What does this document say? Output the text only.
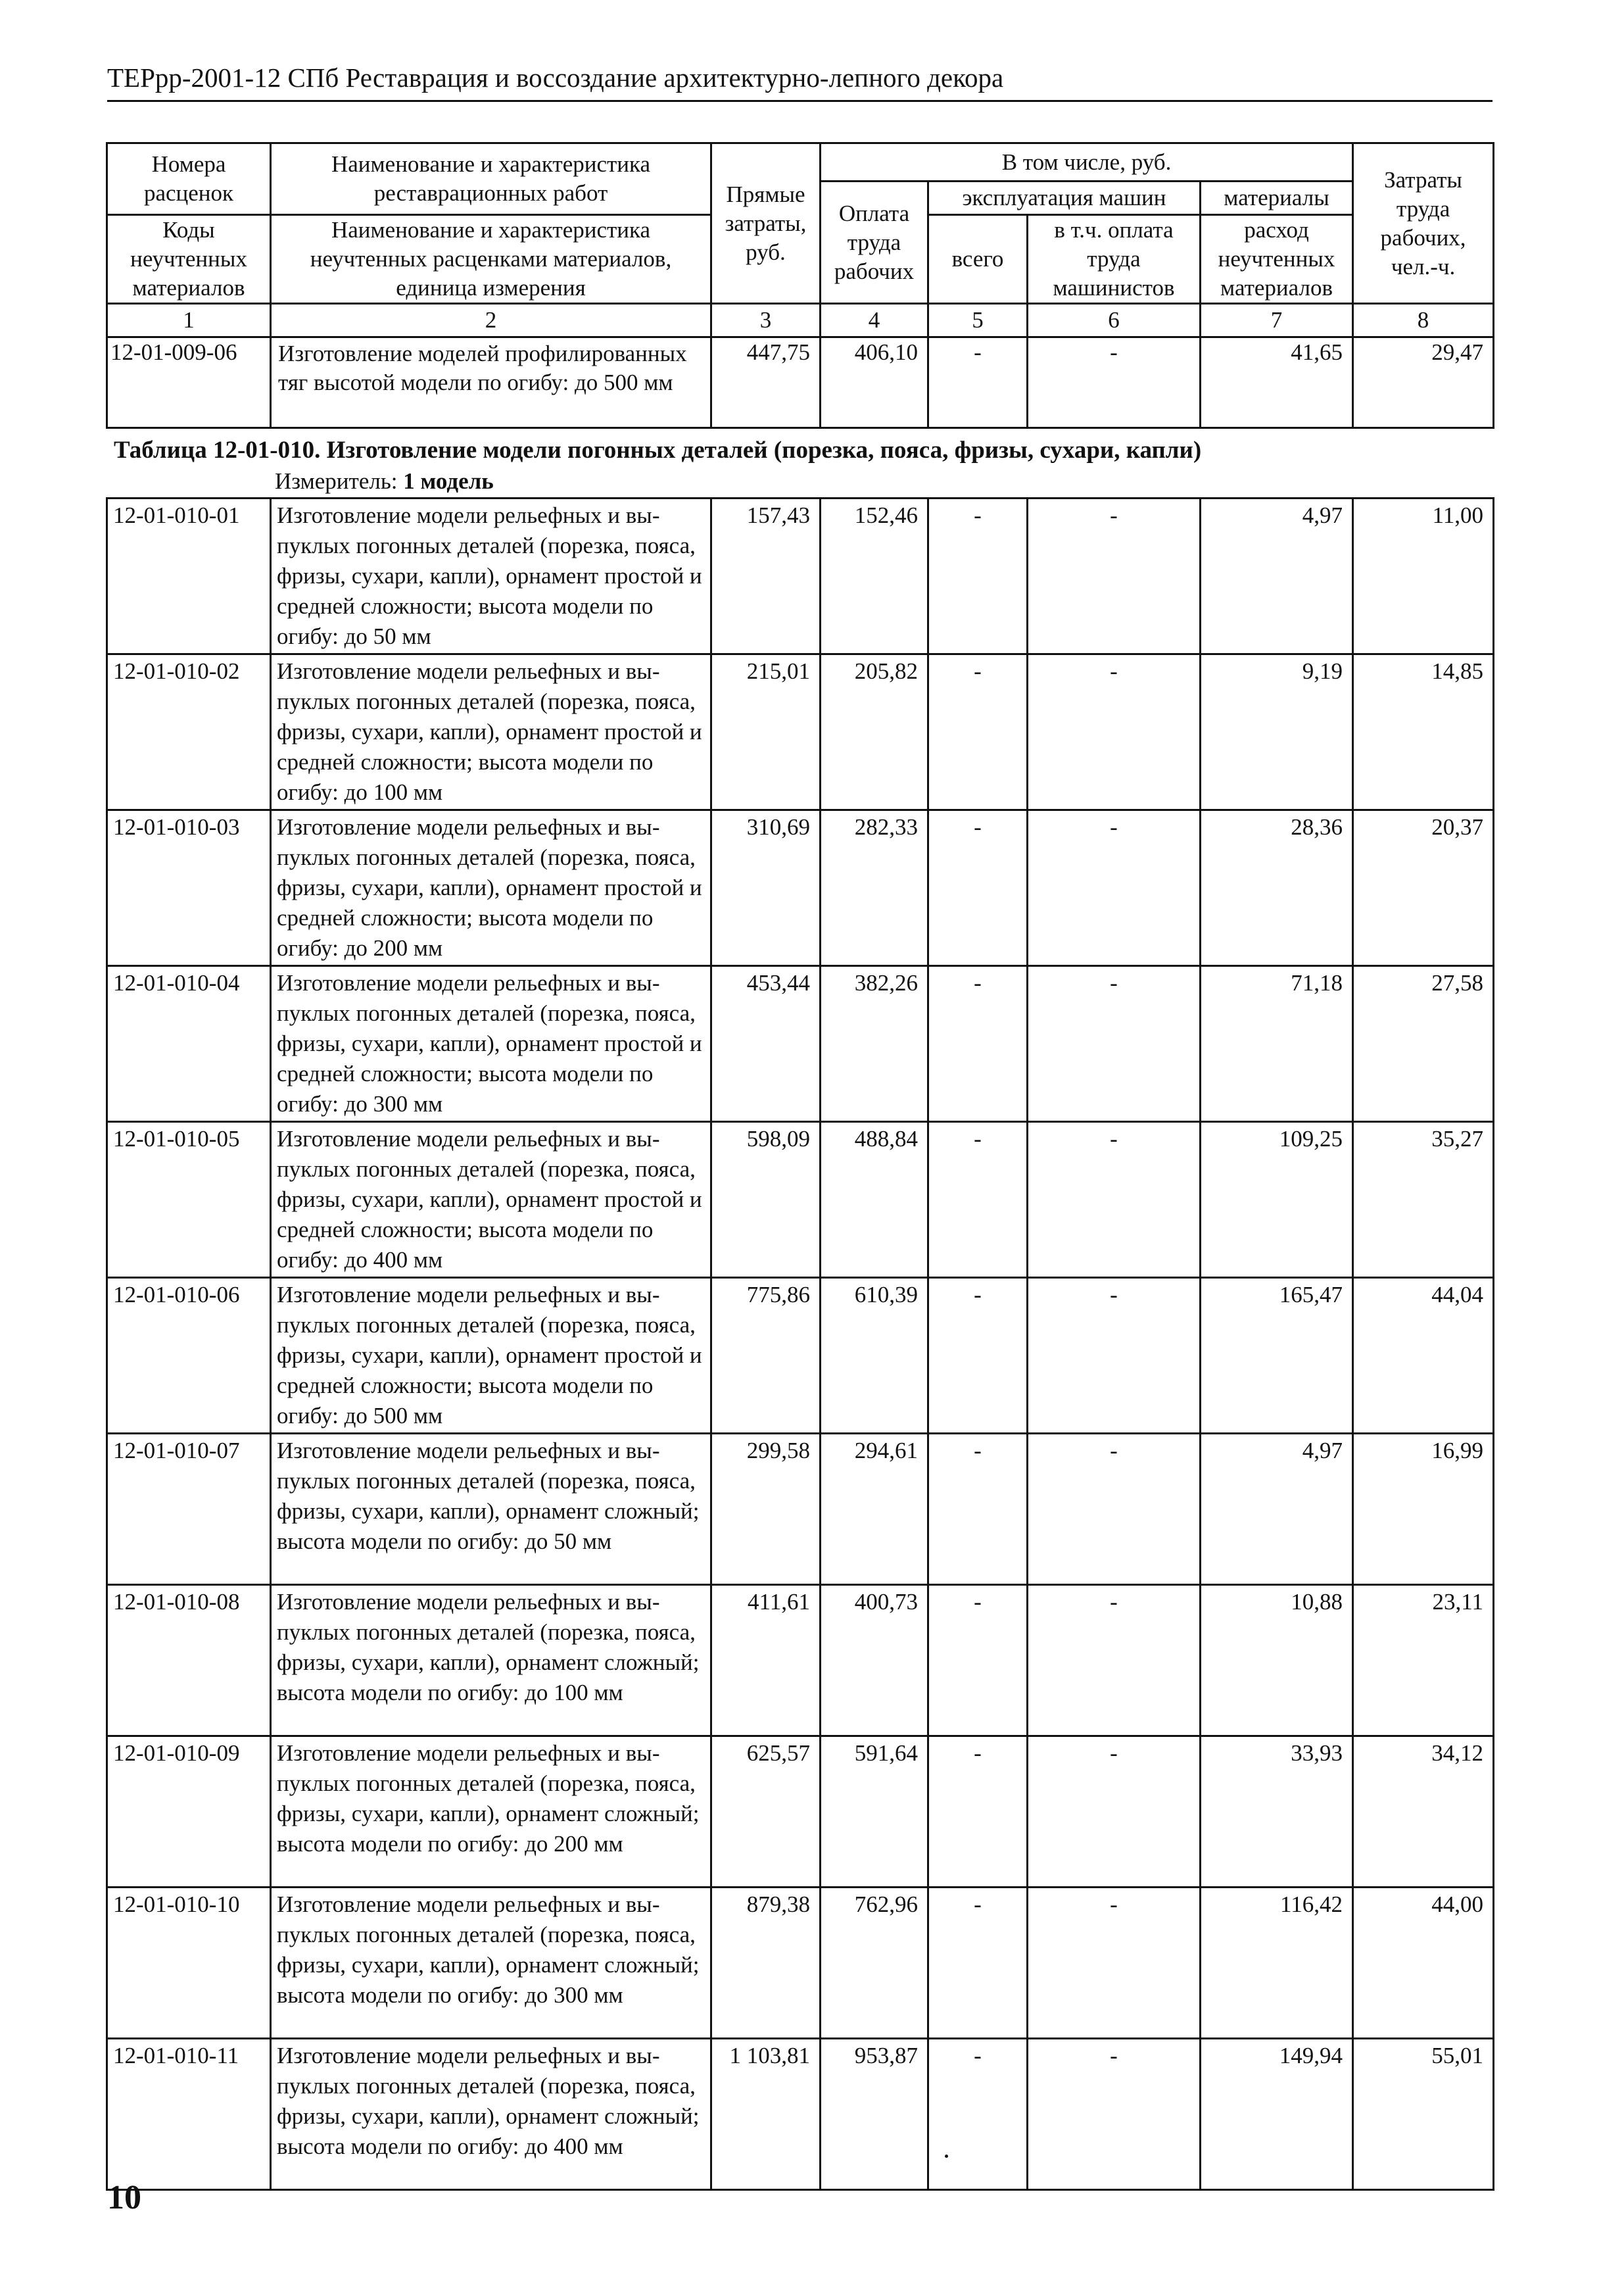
ТЕРрр-2001-12 СПб Реставрация и воссоздание архитектурно-лепного декора
Номера расценок	Наименование и характеристика реставрационных работ	Прямые затраты, руб.	В том числе, руб.				Затраты труда рабочих, чел.-ч.
			Оплата труда рабочих	эксплуатация машин		материалы	
Коды неучтенных материалов	Наименование и характеристика неучтенных расценками материалов, единица измерения			всего	в т.ч. оплата труда машинистов	расход неучтенных материалов	

1	2	3	4	5	6	7	8
12-01-009-06	Изготовление моделей профилированных тяг высотой модели по огибу: до 500 мм	447,75	406,10	-	-	41,65	29,47
Таблица 12-01-010. Изготовление модели погонных деталей (порезка, пояса, фризы, сухари, капли)
Измеритель: 1 модель
12-01-010-01	Изготовление модели рельефных и выпуклых погонных деталей (порезка, пояса, фризы, сухари, капли), орнамент простой и средней сложности; высота модели по огибу: до 50 мм	157,43	152,46	-	-	4,97	11,00
12-01-010-02	Изготовление модели рельефных и выпуклых погонных деталей (порезка, пояса, фризы, сухари, капли), орнамент простой и средней сложности; высота модели по огибу: до 100 мм	215,01	205,82	-	-	9,19	14,85
12-01-010-03	Изготовление модели рельефных и выпуклых погонных деталей (порезка, пояса, фризы, сухари, капли), орнамент простой и средней сложности; высота модели по огибу: до 200 мм	310,69	282,33	-	-	28,36	20,37
12-01-010-04	Изготовление модели рельефных и выпуклых погонных деталей (порезка, пояса, фризы, сухари, капли), орнамент простой и средней сложности; высота модели по огибу: до 300 мм	453,44	382,26	-	-	71,18	27,58
12-01-010-05	Изготовление модели рельефных и выпуклых погонных деталей (порезка, пояса, фризы, сухари, капли), орнамент простой и средней сложности; высота модели по огибу: до 400 мм	598,09	488,84	-	-	109,25	35,27
12-01-010-06	Изготовление модели рельефных и выпуклых погонных деталей (порезка, пояса, фризы, сухари, капли), орнамент простой и средней сложности; высота модели по огибу: до 500 мм	775,86	610,39	-	-	165,47	44,04
12-01-010-07	Изготовление модели рельефных и выпуклых погонных деталей (порезка, пояса, фризы, сухари, капли), орнамент сложный; высота модели по огибу: до 50 мм	299,58	294,61	-	-	4,97	16,99
12-01-010-08	Изготовление модели рельефных и выпуклых погонных деталей (порезка, пояса, фризы, сухари, капли), орнамент сложный; высота модели по огибу: до 100 мм	411,61	400,73	-	-	10,88	23,11
12-01-010-09	Изготовление модели рельефных и выпуклых погонных деталей (порезка, пояса, фризы, сухари, капли), орнамент сложный; высота модели по огибу: до 200 мм	625,57	591,64	-	-	33,93	34,12
12-01-010-10	Изготовление модели рельефных и выпуклых погонных деталей (порезка, пояса, фризы, сухари, капли), орнамент сложный; высота модели по огибу: до 300 мм	879,38	762,96	-	-	116,42	44,00
12-01-010-11	Изготовление модели рельефных и выпуклых погонных деталей (порезка, пояса, фризы, сухари, капли), орнамент сложный; высота модели по огибу: до 400 мм	1 103,81	953,87	-	-	149,94	55,01
10
